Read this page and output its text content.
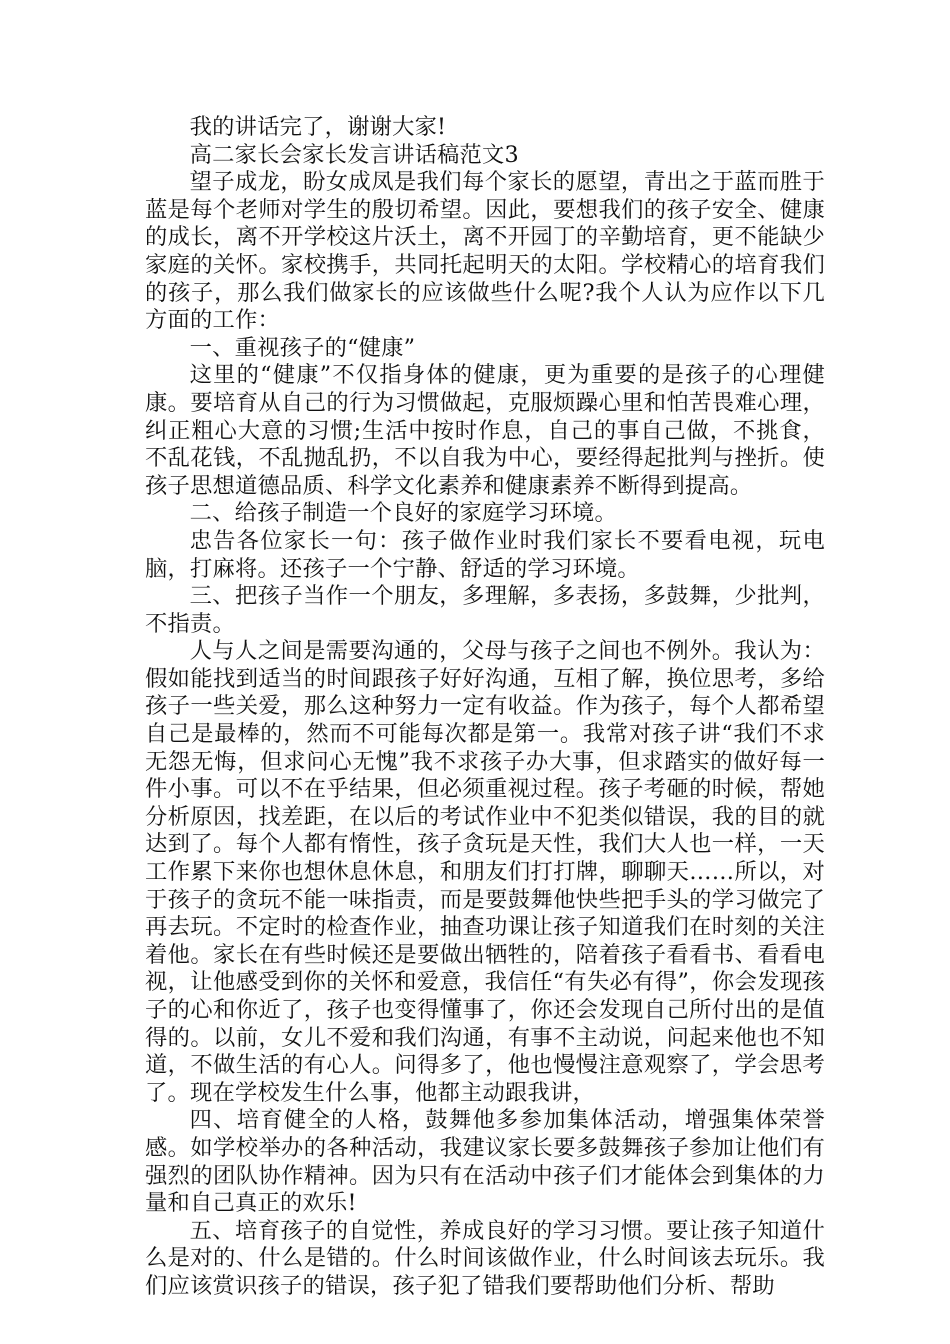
我的讲话完了，谢谢大家!

高二家长会家长发言讲话稿范文3

望子成龙，盼女成凤是我们每个家长的愿望，青出之于蓝而胜于蓝是每个老师对学生的殷切希望。因此，要想我们的孩子安全、健康的成长，离不开学校这片沃土，离不开园丁的辛勤培育，更不能缺少家庭的关怀。家校携手，共同托起明天的太阳。学校精心的培育我们的孩子，那么我们做家长的应该做些什么呢?我个人认为应作以下几方面的工作：

一、重视孩子的“健康”

这里的“健康”不仅指身体的健康，更为重要的是孩子的心理健康。要培育从自己的行为习惯做起，克服烦躁心里和怕苦畏难心理，纠正粗心大意的习惯;生活中按时作息，自己的事自己做，不挑食，不乱花钱，不乱抛乱扔，不以自我为中心，要经得起批判与挫折。使孩子思想道德品质、科学文化素养和健康素养不断得到提高。

二、给孩子制造一个良好的家庭学习环境。

忠告各位家长一句：孩子做作业时我们家长不要看电视，玩电脑，打麻将。还孩子一个宁静、舒适的学习环境。

三、把孩子当作一个朋友，多理解，多表扬，多鼓舞，少批判，不指责。

人与人之间是需要沟通的，父母与孩子之间也不例外。我认为：假如能找到适当的时间跟孩子好好沟通，互相了解，换位思考，多给孩子一些关爱，那么这种努力一定有收益。作为孩子，每个人都希望自己是最棒的，然而不可能每次都是第一。我常对孩子讲“我们不求无怨无悔，但求问心无愧”我不求孩子办大事，但求踏实的做好每一件小事。可以不在乎结果，但必须重视过程。孩子考砸的时候，帮她分析原因，找差距，在以后的考试作业中不犯类似错误，我的目的就达到了。每个人都有惰性，孩子贪玩是天性，我们大人也一样，一天工作累下来你也想休息休息，和朋友们打打牌，聊聊天……所以，对于孩子的贪玩不能一味指责，而是要鼓舞他快些把手头的学习做完了再去玩。不定时的检查作业，抽查功课让孩子知道我们在时刻的关注着他。家长在有些时候还是要做出牺牲的，陪着孩子看看书、看看电视，让他感受到你的关怀和爱意，我信任“有失必有得”，你会发现孩子的心和你近了，孩子也变得懂事了，你还会发现自己所付出的是值得的。以前，女儿不爱和我们沟通，有事不主动说，问起来他也不知道，不做生活的有心人。问得多了，他也慢慢注意观察了，学会思考了。现在学校发生什么事，他都主动跟我讲，

四、培育健全的人格，鼓舞他多参加集体活动，增强集体荣誉感。如学校举办的各种活动，我建议家长要多鼓舞孩子参加让他们有强烈的团队协作精神。因为只有在活动中孩子们才能体会到集体的力量和自己真正的欢乐!

五、培育孩子的自觉性，养成良好的学习习惯。要让孩子知道什么是对的、什么是错的。什么时间该做作业，什么时间该去玩乐。我们应该赏识孩子的错误，孩子犯了错我们要帮助他们分析、帮助
